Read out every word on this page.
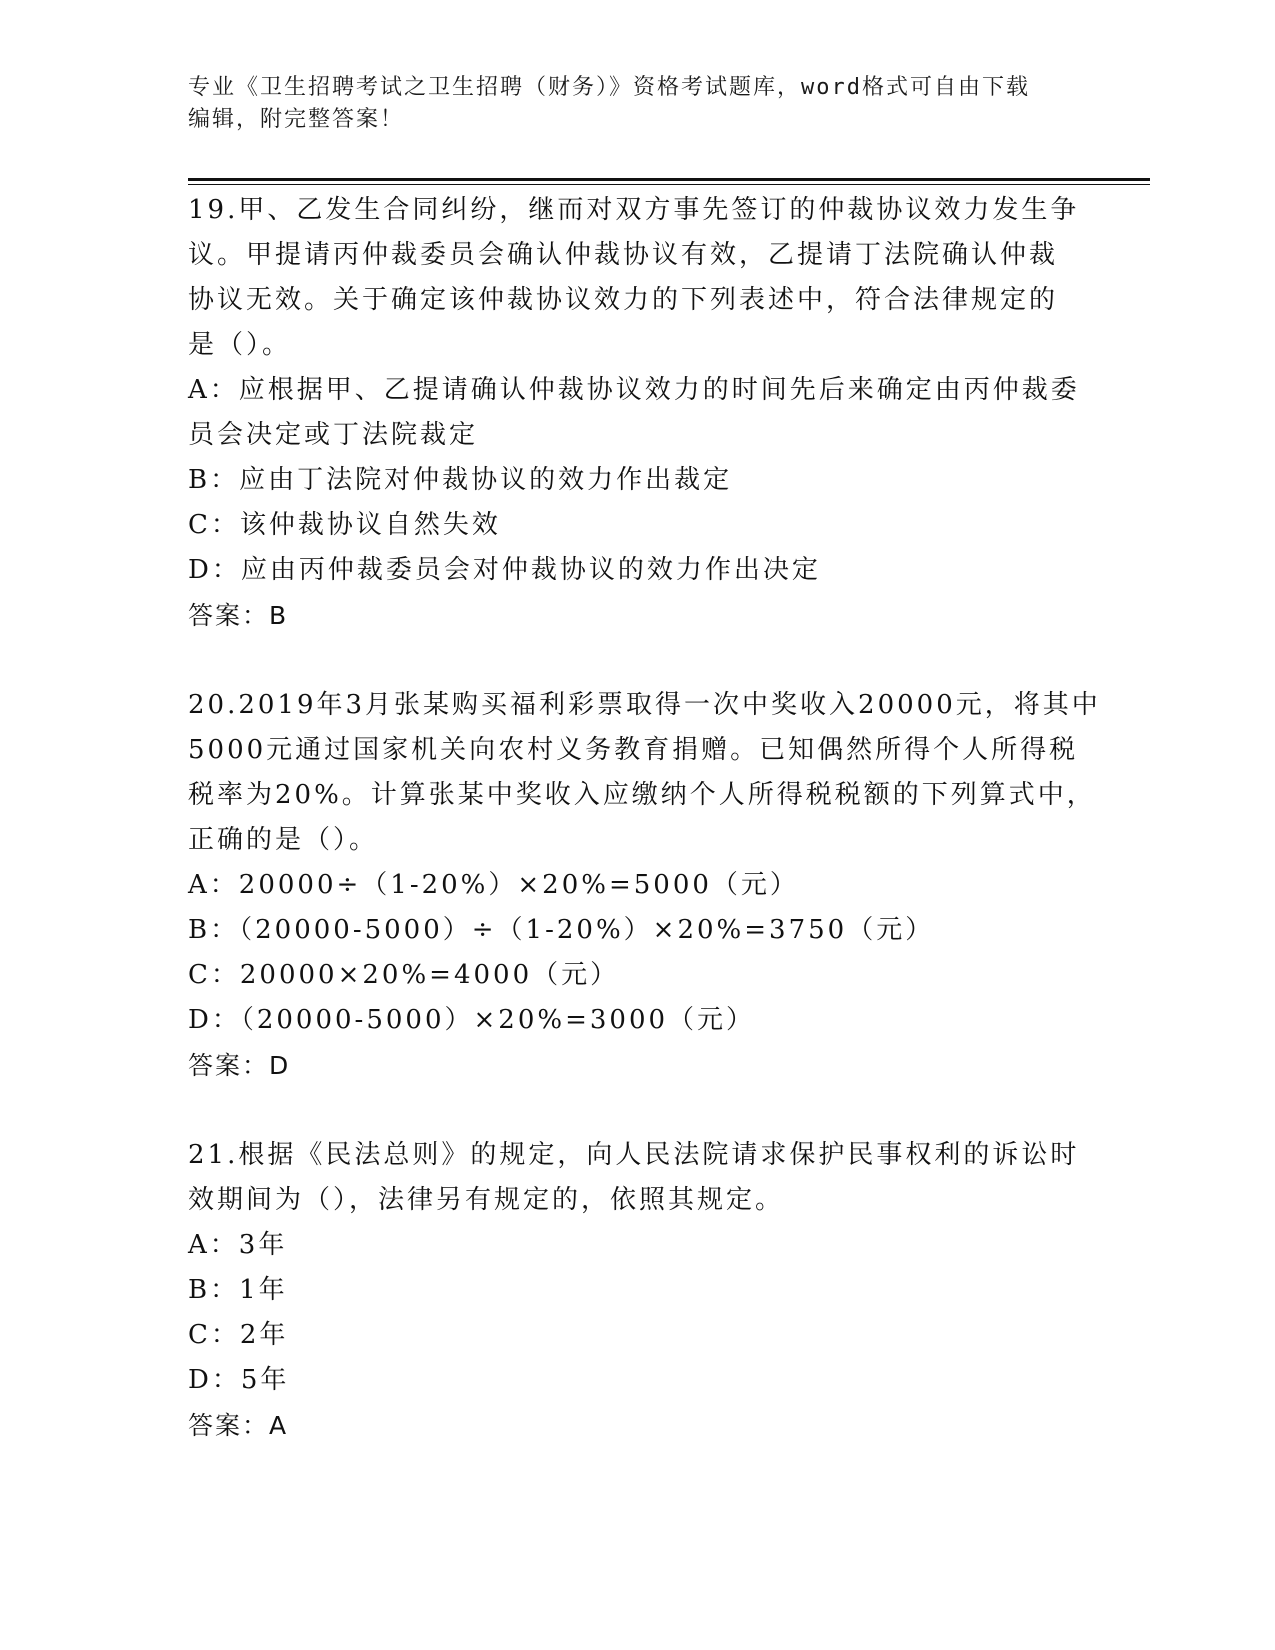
专业《卫生招聘考试之卫生招聘（财务）》资格考试题库，word格式可自由下载
编辑，附完整答案！
19.甲、乙发生合同纠纷，继而对双方事先签订的仲裁协议效力发生争
议。甲提请丙仲裁委员会确认仲裁协议有效，乙提请丁法院确认仲裁
协议无效。关于确定该仲裁协议效力的下列表述中，符合法律规定的
是（）。
A：应根据甲、乙提请确认仲裁协议效力的时间先后来确定由丙仲裁委
员会决定或丁法院裁定
B：应由丁法院对仲裁协议的效力作出裁定
C：该仲裁协议自然失效
D：应由丙仲裁委员会对仲裁协议的效力作出决定
答案：B
20.2019年3月张某购买福利彩票取得一次中奖收入20000元，将其中
5000元通过国家机关向农村义务教育捐赠。已知偶然所得个人所得税
税率为20%。计算张某中奖收入应缴纳个人所得税税额的下列算式中，
正确的是（）。
A：20000÷（1-20%）×20%=5000（元）
B：（20000-5000）÷（1-20%）×20%=3750（元）
C：20000×20%=4000（元）
D：（20000-5000）×20%=3000（元）
答案：D
21.根据《民法总则》的规定，向人民法院请求保护民事权利的诉讼时
效期间为（），法律另有规定的，依照其规定。
A：3年
B：1年
C：2年
D：5年
答案：A
